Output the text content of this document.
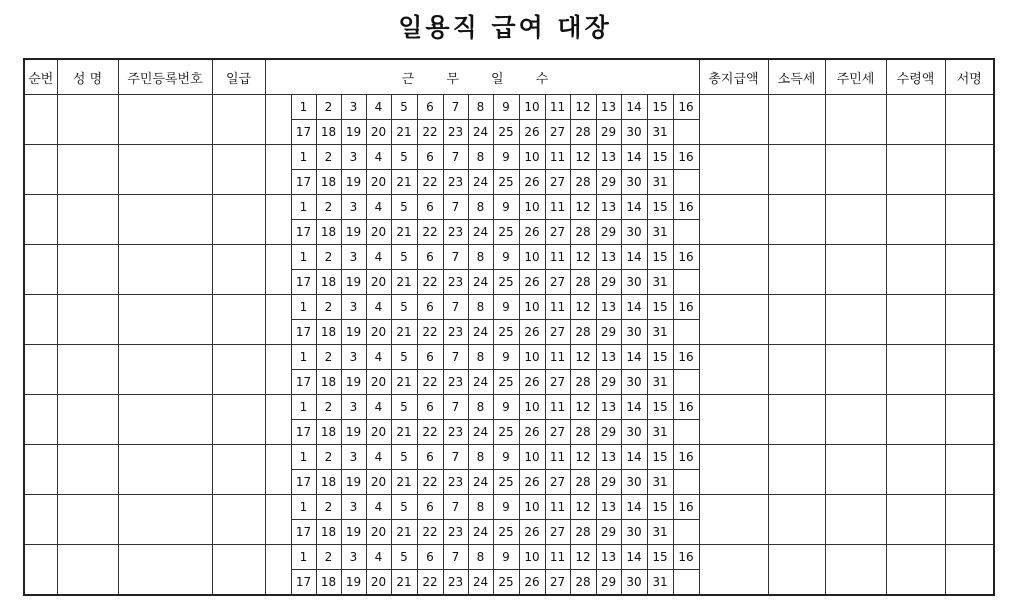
일용직 급여 대장
순번	성 명	주민등록번호	일급	근 무 일 수																	총지급액	소득세	주민세	수령액	서명
					1	2	3	4	5	6	7	8	9	10	11	12	13	14	15	16					
					17	18	19	20	21	22	23	24	25	26	27	28	29	30	31						
					1	2	3	4	5	6	7	8	9	10	11	12	13	14	15	16					
					17	18	19	20	21	22	23	24	25	26	27	28	29	30	31						
					1	2	3	4	5	6	7	8	9	10	11	12	13	14	15	16					
					17	18	19	20	21	22	23	24	25	26	27	28	29	30	31						
					1	2	3	4	5	6	7	8	9	10	11	12	13	14	15	16					
					17	18	19	20	21	22	23	24	25	26	27	28	29	30	31						
					1	2	3	4	5	6	7	8	9	10	11	12	13	14	15	16					
					17	18	19	20	21	22	23	24	25	26	27	28	29	30	31						
					1	2	3	4	5	6	7	8	9	10	11	12	13	14	15	16					
					17	18	19	20	21	22	23	24	25	26	27	28	29	30	31						
					1	2	3	4	5	6	7	8	9	10	11	12	13	14	15	16					
					17	18	19	20	21	22	23	24	25	26	27	28	29	30	31						
					1	2	3	4	5	6	7	8	9	10	11	12	13	14	15	16					
					17	18	19	20	21	22	23	24	25	26	27	28	29	30	31						
					1	2	3	4	5	6	7	8	9	10	11	12	13	14	15	16					
					17	18	19	20	21	22	23	24	25	26	27	28	29	30	31						
					1	2	3	4	5	6	7	8	9	10	11	12	13	14	15	16					
					17	18	19	20	21	22	23	24	25	26	27	28	29	30	31						
